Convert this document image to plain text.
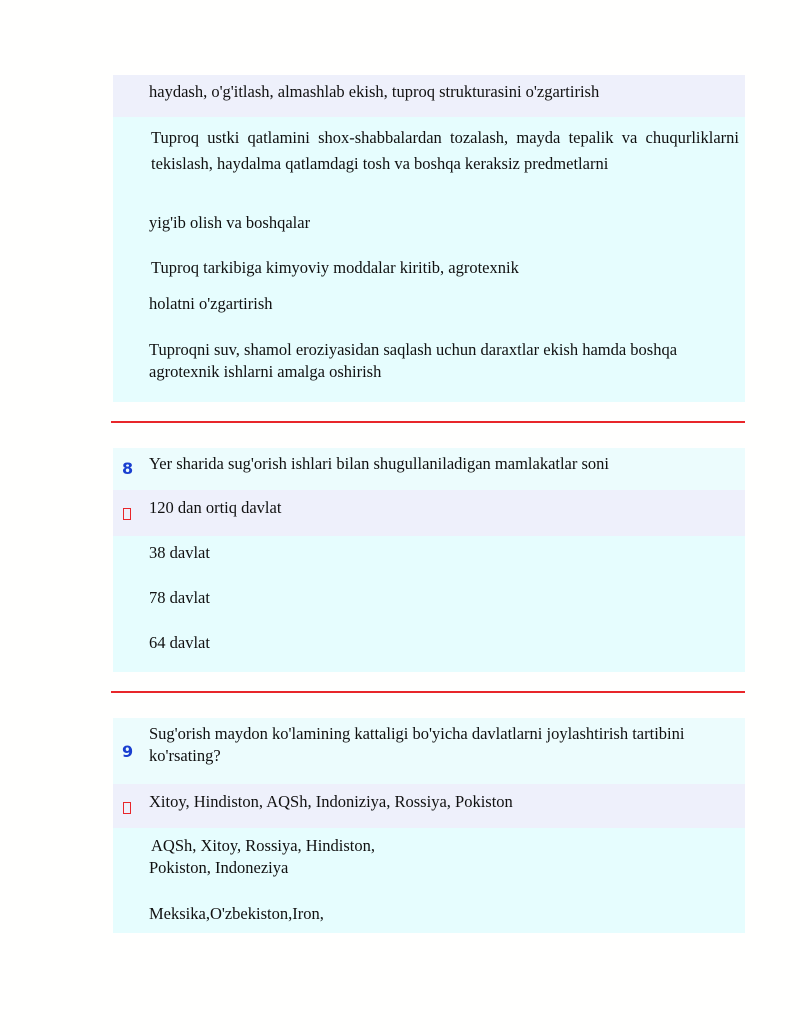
haydash, o'g'itlash, almashlab ekish, tuproq strukturasini o'zgartirish
Tuproq ustki qatlamini shox-shabbalardan tozalash, mayda tepalik va chuqurliklarni tekislash, haydalma qatlamdagi tosh va boshqa keraksiz predmetlarni
yig'ib olish va boshqalar
Tuproq tarkibiga kimyoviy moddalar kiritib, agrotexnik
holatni o'zgartirish
Tuproqni suv, shamol eroziyasidan saqlash uchun daraxtlar ekish hamda boshqa agrotexnik ishlarni amalga oshirish
8 Yer sharida sug'orish ishlari bilan shugullaniladigan mamlakatlar soni
120 dan ortiq davlat
38 davlat
78 davlat
64 davlat
9
Sug'orish maydon ko'lamining kattaligi bo'yicha davlatlarni joylashtirish tartibini ko'rsating?
Xitoy, Hindiston, AQSh, Indoniziya, Rossiya, Pokiston
AQSh, Xitoy, Rossiya, Hindiston,
Pokiston, Indoneziya
Meksika,O'zbekiston,Iron,
